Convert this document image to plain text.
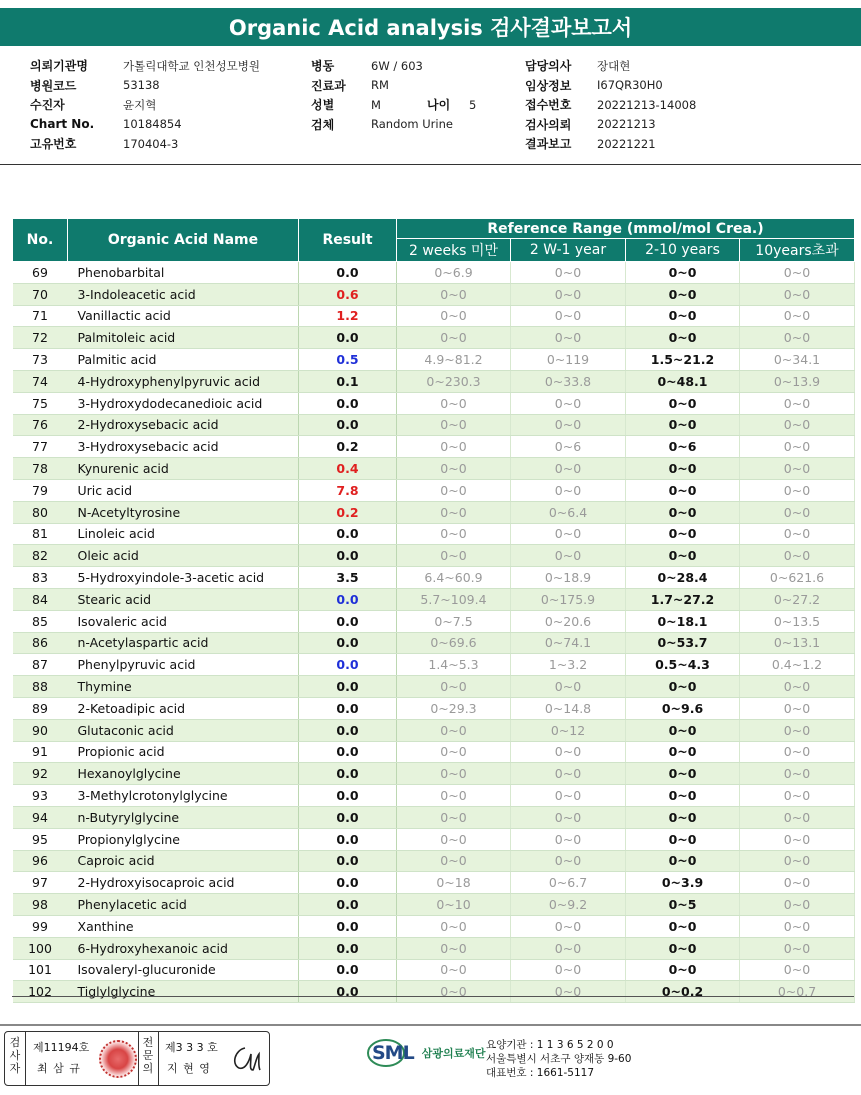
Organic Acid analysis 검사결과보고서
의뢰기관명	가톨릭대학교 인천성모병원
병원코드	53138
수진자	윤지혁
Chart No.	10184854
고유번호	170404-3
병동	6W / 603
진료과	RM
성별	M	나이	5
검체	Random Urine
담당의사	장대현
임상정보	I67QR30H0
접수번호	20221213-14008
검사의뢰	20221213
결과보고	20221221
No.	Organic Acid Name	Result	Reference Range (mmol/mol Crea.)			
			2 weeks 미만	2 W-1 year	2-10 years	10years초과
69	Phenobarbital	0.0	0~6.9	0~0	0~0	0~0
70	3-Indoleacetic acid	0.6	0~0	0~0	0~0	0~0
71	Vanillactic acid	1.2	0~0	0~0	0~0	0~0
72	Palmitoleic acid	0.0	0~0	0~0	0~0	0~0
73	Palmitic acid	0.5	4.9~81.2	0~119	1.5~21.2	0~34.1
74	4-Hydroxyphenylpyruvic acid	0.1	0~230.3	0~33.8	0~48.1	0~13.9
75	3-Hydroxydodecanedioic acid	0.0	0~0	0~0	0~0	0~0
76	2-Hydroxysebacic acid	0.0	0~0	0~0	0~0	0~0
77	3-Hydroxysebacic acid	0.2	0~0	0~6	0~6	0~0
78	Kynurenic acid	0.4	0~0	0~0	0~0	0~0
79	Uric acid	7.8	0~0	0~0	0~0	0~0
80	N-Acetyltyrosine	0.2	0~0	0~6.4	0~0	0~0
81	Linoleic acid	0.0	0~0	0~0	0~0	0~0
82	Oleic acid	0.0	0~0	0~0	0~0	0~0
83	5-Hydroxyindole-3-acetic acid	3.5	6.4~60.9	0~18.9	0~28.4	0~621.6
84	Stearic acid	0.0	5.7~109.4	0~175.9	1.7~27.2	0~27.2
85	Isovaleric acid	0.0	0~7.5	0~20.6	0~18.1	0~13.5
86	n-Acetylaspartic acid	0.0	0~69.6	0~74.1	0~53.7	0~13.1
87	Phenylpyruvic acid	0.0	1.4~5.3	1~3.2	0.5~4.3	0.4~1.2
88	Thymine	0.0	0~0	0~0	0~0	0~0
89	2-Ketoadipic acid	0.0	0~29.3	0~14.8	0~9.6	0~0
90	Glutaconic acid	0.0	0~0	0~12	0~0	0~0
91	Propionic acid	0.0	0~0	0~0	0~0	0~0
92	Hexanoylglycine	0.0	0~0	0~0	0~0	0~0
93	3-Methylcrotonylglycine	0.0	0~0	0~0	0~0	0~0
94	n-Butyrylglycine	0.0	0~0	0~0	0~0	0~0
95	Propionylglycine	0.0	0~0	0~0	0~0	0~0
96	Caproic acid	0.0	0~0	0~0	0~0	0~0
97	2-Hydroxyisocaproic acid	0.0	0~18	0~6.7	0~3.9	0~0
98	Phenylacetic acid	0.0	0~10	0~9.2	0~5	0~0
99	Xanthine	0.0	0~0	0~0	0~0	0~0
100	6-Hydroxyhexanoic acid	0.0	0~0	0~0	0~0	0~0
101	Isovaleryl-glucuronide	0.0	0~0	0~0	0~0	0~0
102	Tiglylglycine	0.0	0~0	0~0	0~0.2	0~0.7
검사자
제11194호
최 삼 규
전문의
제3 3 3 호
지 현 영
SML 삼광의료재단
요양기관 : 1 1 3 6 5 2 0 0
서울특별시 서초구 양재동 9-60
대표번호 : 1661-5117
